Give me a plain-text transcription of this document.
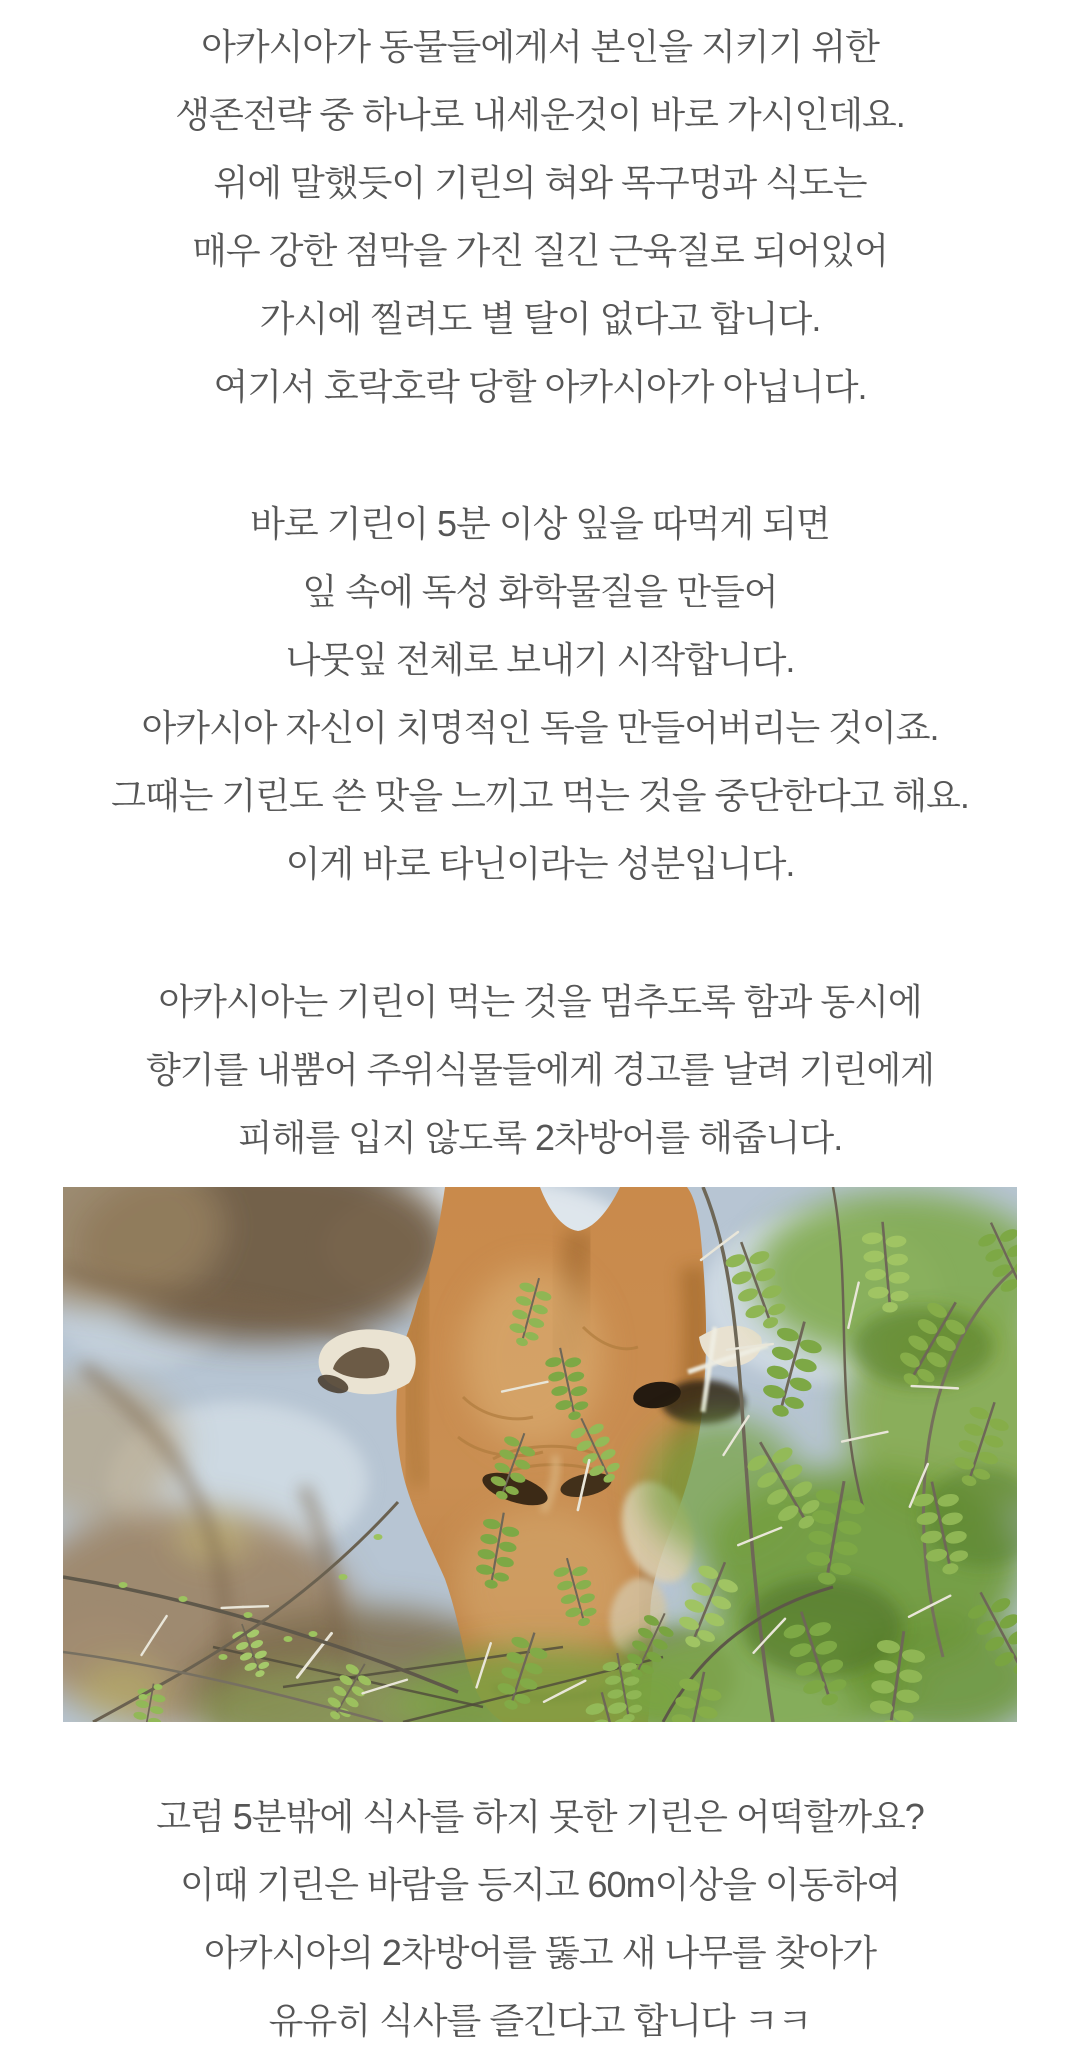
아카시아가 동물들에게서 본인을 지키기 위한
생존전략 중 하나로 내세운것이 바로 가시인데요.
위에 말했듯이 기린의 혀와 목구멍과 식도는
매우 강한 점막을 가진 질긴 근육질로 되어있어
가시에 찔려도 별 탈이 없다고 합니다.
여기서 호락호락 당할 아카시아가 아닙니다.

바로 기린이 5분 이상 잎을 따먹게 되면
잎 속에 독성 화학물질을 만들어
나뭇잎 전체로 보내기 시작합니다.
아카시아 자신이 치명적인 독을 만들어버리는 것이죠.
그때는 기린도 쓴 맛을 느끼고 먹는 것을 중단한다고 해요.
이게 바로 타닌이라는 성분입니다.

아카시아는 기린이 먹는 것을 멈추도록 함과 동시에
향기를 내뿜어 주위식물들에게 경고를 날려 기린에게
피해를 입지 않도록 2차방어를 해줍니다.

고럼 5분밖에 식사를 하지 못한 기린은 어떡할까요?
이때 기린은 바람을 등지고 60m이상을 이동하여
아카시아의 2차방어를 뚫고 새 나무를 찾아가
유유히 식사를 즐긴다고 합니다 ㅋㅋ
